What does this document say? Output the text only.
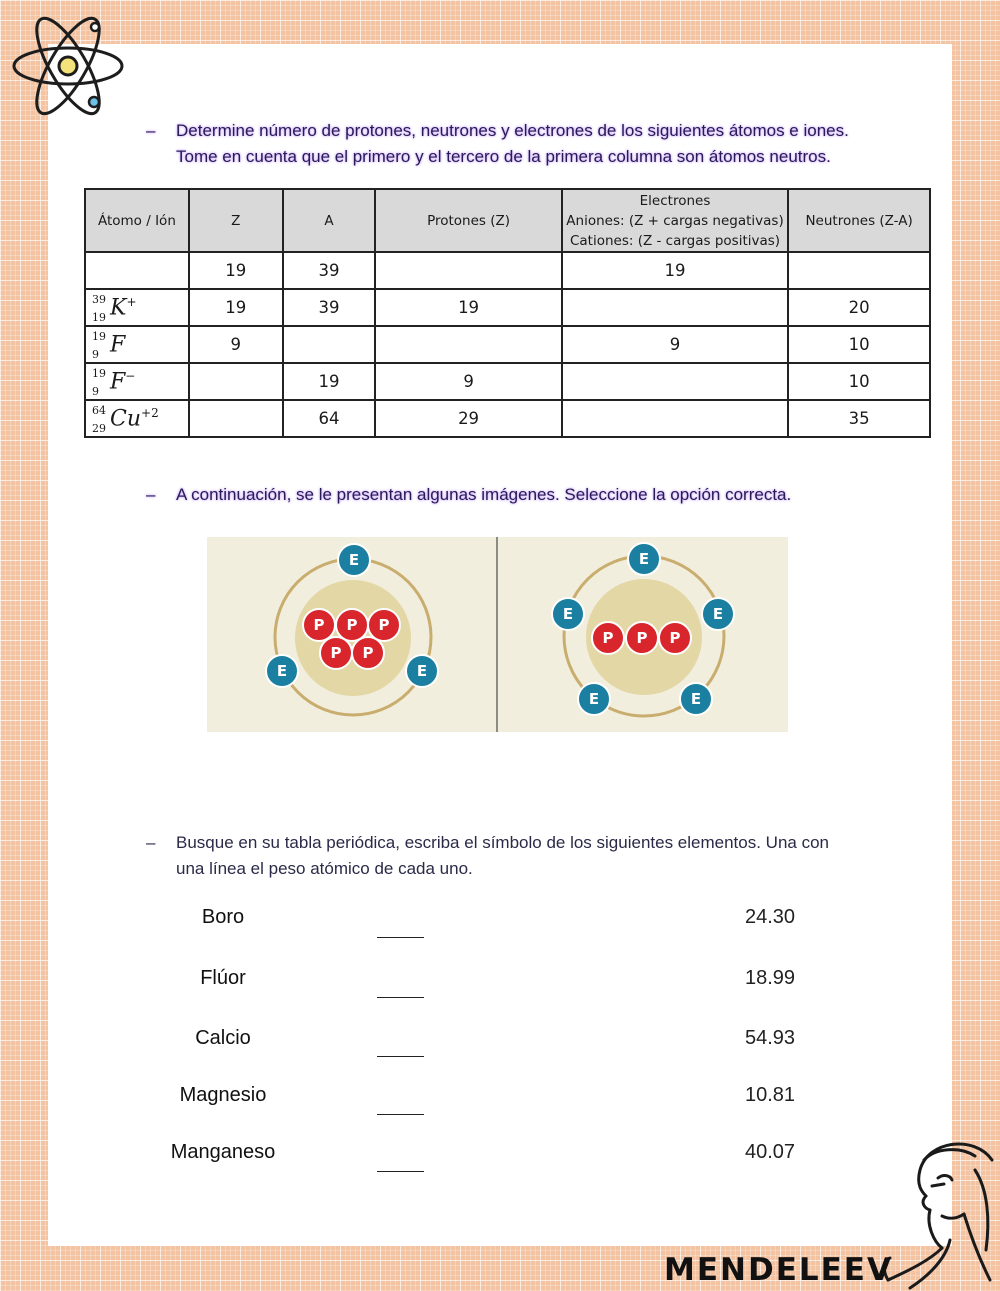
– Determine número de protones, neutrones y electrones de los siguientes átomos e iones.
Tome en cuenta que el primero y el tercero de la primera columna son átomos neutros.
Átomo / Ión	Z	A	Protones (Z)	Electrones
Aniones: (Z + cargas negativas)
Cationes: (Z - cargas positivas)	Neutrones (Z-A)
	19	39		19	

39
19 K+	19	39	19		20

19
9 F	9			9	10

19
9 F−		19	9		10

64
29 $Cu^{+2}$		64	29		35
– A continuación, se le presentan algunas imágenes. Seleccione la opción correcta.
P P P
P P
E
E	E
P P P
E
E	E
E	E
– Busque en su tabla periódica, escriba el símbolo de los siguientes elementos. Una con
una línea el peso atómico de cada uno.
Boro	24.30
Flúor	18.99
Calcio	54.93
Magnesio	10.81
Manganeso	40.07
MENDELEEV
